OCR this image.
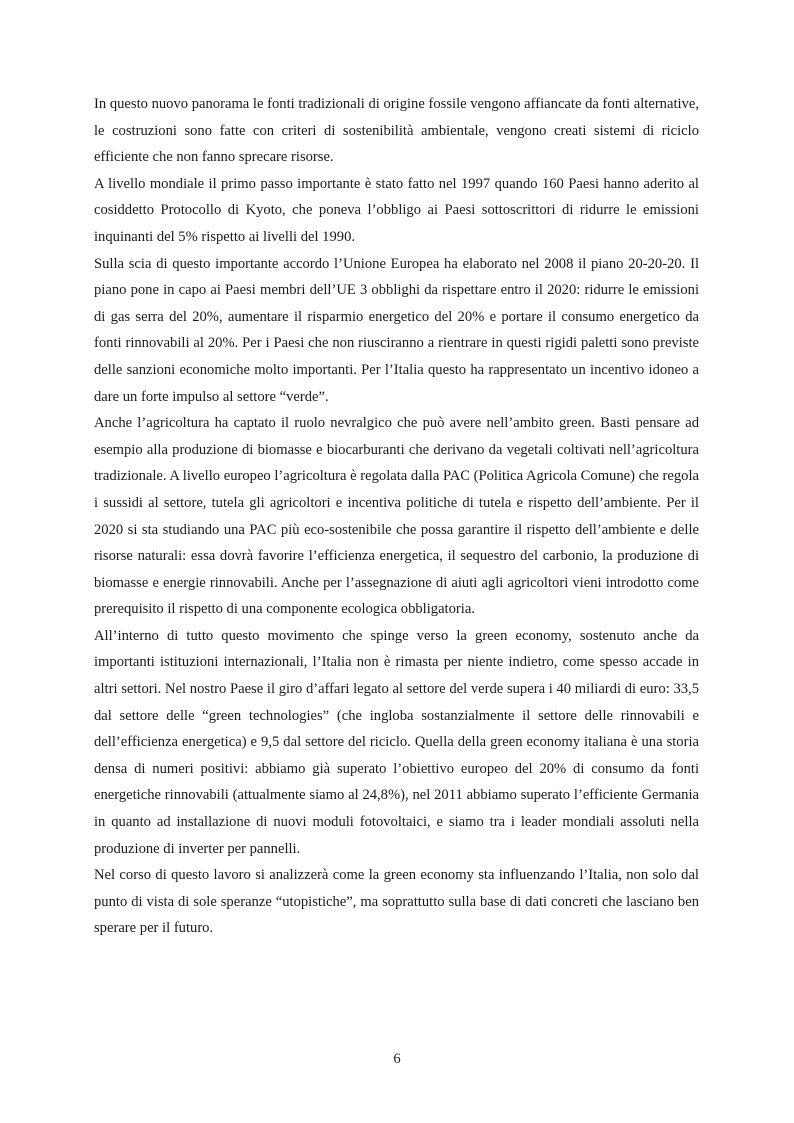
In questo nuovo panorama le fonti tradizionali di origine fossile vengono affiancate da fonti alternative, le costruzioni sono fatte con criteri di sostenibilità ambientale, vengono creati sistemi di riciclo efficiente che non fanno sprecare risorse.

A livello mondiale il primo passo importante è stato fatto nel 1997 quando 160 Paesi hanno aderito al cosiddetto Protocollo di Kyoto, che poneva l’obbligo ai Paesi sottoscrittori di ridurre le emissioni inquinanti del 5% rispetto ai livelli del 1990.

Sulla scia di questo importante accordo l’Unione Europea ha elaborato nel 2008 il piano 20-20-20. Il piano pone in capo ai Paesi membri dell’UE 3 obblighi da rispettare entro il 2020: ridurre le emissioni di gas serra del 20%, aumentare il risparmio energetico del 20% e portare il consumo energetico da fonti rinnovabili al 20%. Per i Paesi che non riusciranno a rientrare in questi rigidi paletti sono previste delle sanzioni economiche molto importanti. Per l’Italia questo ha rappresentato un incentivo idoneo a dare un forte impulso al settore “verde”.

Anche l’agricoltura ha captato il ruolo nevralgico che può avere nell’ambito green. Basti pensare ad esempio alla produzione di biomasse e biocarburanti che derivano da vegetali coltivati nell’agricoltura tradizionale. A livello europeo l’agricoltura è regolata dalla PAC (Politica Agricola Comune) che regola i sussidi al settore, tutela gli agricoltori e incentiva politiche di tutela e rispetto dell’ambiente. Per il 2020 si sta studiando una PAC più eco-sostenibile che possa garantire il rispetto dell’ambiente e delle risorse naturali: essa dovrà favorire l’efficienza energetica, il sequestro del carbonio, la produzione di biomasse e energie rinnovabili. Anche per l’assegnazione di aiuti agli agricoltori vieni introdotto come prerequisito il rispetto di una componente ecologica obbligatoria.

All’interno di tutto questo movimento che spinge verso la green economy, sostenuto anche da importanti istituzioni internazionali, l’Italia non è rimasta per niente indietro, come spesso accade in altri settori. Nel nostro Paese il giro d’affari legato al settore del verde supera i 40 miliardi di euro: 33,5 dal settore delle “green technologies” (che ingloba sostanzialmente il settore delle rinnovabili e dell’efficienza energetica) e 9,5 dal settore del riciclo. Quella della green economy italiana è una storia densa di numeri positivi: abbiamo già superato l’obiettivo europeo del 20% di consumo da fonti energetiche rinnovabili (attualmente siamo al 24,8%), nel 2011 abbiamo superato l’efficiente Germania in quanto ad installazione di nuovi moduli fotovoltaici, e siamo tra i leader mondiali assoluti nella produzione di inverter per pannelli.

Nel corso di questo lavoro si analizzerà come la green economy sta influenzando l’Italia, non solo dal punto di vista di sole speranze “utopistiche”, ma soprattutto sulla base di dati concreti che lasciano ben sperare per il futuro.

6
